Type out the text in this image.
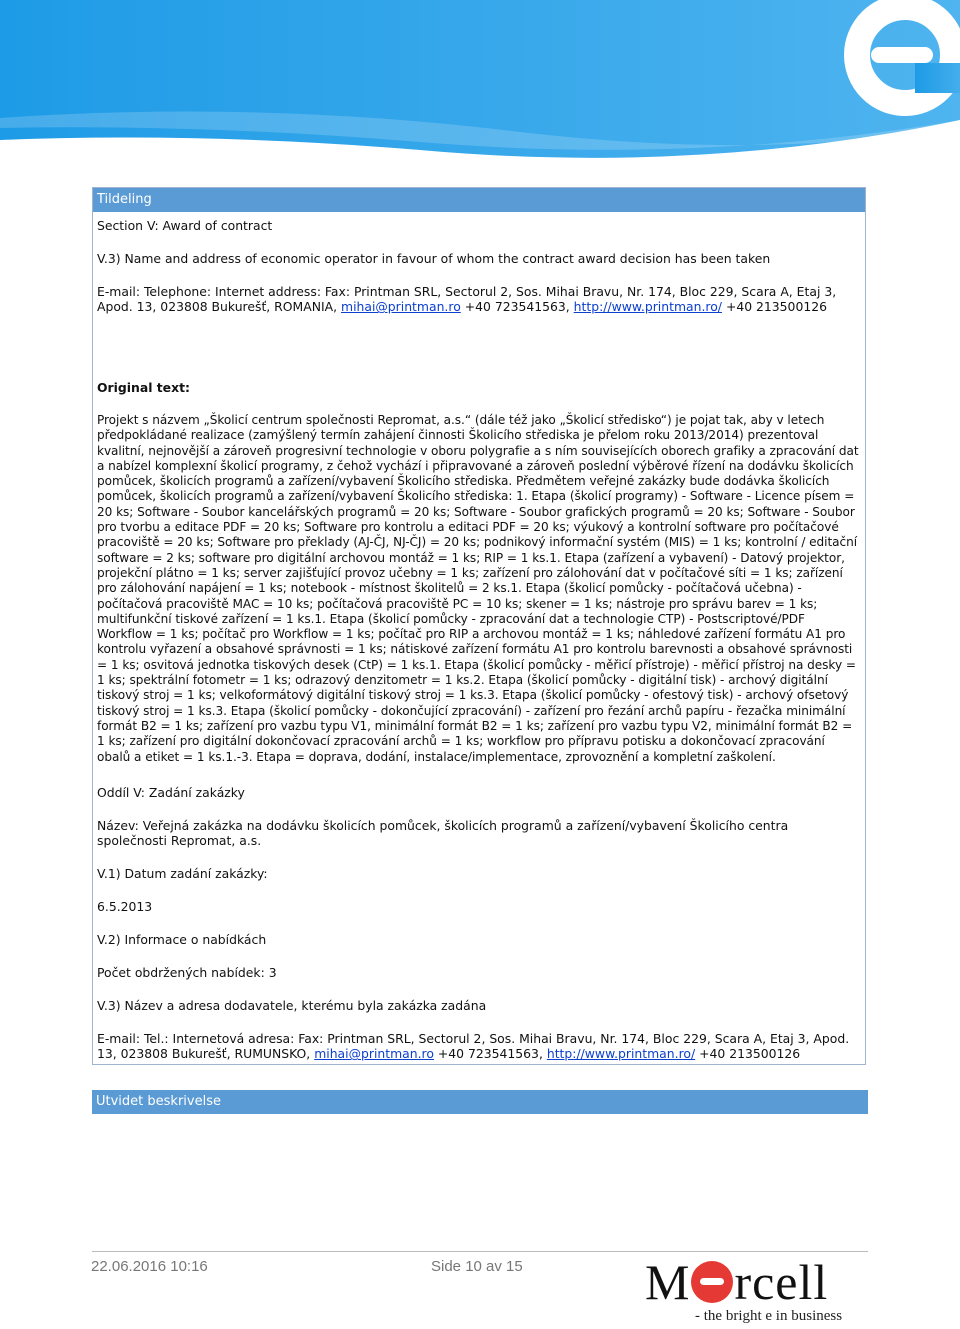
Tildeling

Section V: Award of contract

V.3) Name and address of economic operator in favour of whom the contract award decision has been taken

E-mail: Telephone: Internet address: Fax: Printman SRL, Sectorul 2, Sos. Mihai Bravu, Nr. 174, Bloc 229, Scara A, Etaj 3, Apod. 13, 023808 Bukurešť, ROMANIA, mihai@printman.ro +40 723541563, http://www.printman.ro/ +40 213500126

Original text:

Projekt s názvem „Školicí centrum společnosti Repromat, a.s.“ (dále též jako „Školicí středisko“) je pojat tak, aby v letech předpokládané realizace (zamýšlený termín zahájení činnosti Školicího střediska je přelom roku 2013/2014) prezentoval kvalitní, nejnovější a zároveň progresivní technologie v oboru polygrafie a s ním souvisejících oborech grafiky a zpracování dat a nabízel komplexní školicí programy, z čehož vychází i připravované a zároveň poslední výběrové řízení na dodávku školicích pomůcek, školicích programů a zařízení/vybavení Školicího střediska. Předmětem veřejné zakázky bude dodávka školicích pomůcek, školicích programů a zařízení/vybavení Školicího střediska: 1. Etapa (školicí programy) - Software - Licence písem = 20 ks; Software - Soubor kancelářských programů = 20 ks; Software - Soubor grafických programů = 20 ks; Software - Soubor pro tvorbu a editace PDF = 20 ks; Software pro kontrolu a editaci PDF = 20 ks; výukový a kontrolní software pro počítačové pracoviště = 20 ks; Software pro překlady (AJ-ČJ, NJ-ČJ) = 20 ks; podnikový informační systém (MIS) = 1 ks; kontrolní / editační software = 2 ks; software pro digitální archovou montáž = 1 ks; RIP = 1 ks.1. Etapa (zařízení a vybavení) - Datový projektor, projekční plátno = 1 ks; server zajišťující provoz učebny = 1 ks; zařízení pro zálohování dat v počítačové síti = 1 ks; zařízení pro zálohování napájení = 1 ks; notebook - místnost školitelů = 2 ks.1. Etapa (školicí pomůcky - počítačová učebna) - počítačová pracoviště MAC = 10 ks; počítačová pracoviště PC = 10 ks; skener = 1 ks; nástroje pro správu barev = 1 ks; multifunkční tiskové zařízení = 1 ks.1. Etapa (školicí pomůcky - zpracování dat a technologie CTP) - Postscriptové/PDF Workflow = 1 ks; počítač pro Workflow = 1 ks; počítač pro RIP a archovou montáž = 1 ks; náhledové zařízení formátu A1 pro kontrolu vyřazení a obsahové správnosti = 1 ks; nátiskové zařízení formátu A1 pro kontrolu barevnosti a obsahové správnosti = 1 ks; osvitová jednotka tiskových desek (CtP) = 1 ks.1. Etapa (školicí pomůcky - měřicí přístroje) - měřicí přístroj na desky = 1 ks; spektrální fotometr = 1 ks; odrazový denzitometr = 1 ks.2. Etapa (školicí pomůcky - digitální tisk) - archový digitální tiskový stroj = 1 ks; velkoformátový digitální tiskový stroj = 1 ks.3. Etapa (školicí pomůcky - ofestový tisk) - archový ofsetový tiskový stroj = 1 ks.3. Etapa (školicí pomůcky - dokončující zpracování) - zařízení pro řezání archů papíru - řezačka minimální formát B2 = 1 ks; zařízení pro vazbu typu V1, minimální formát B2 = 1 ks; zařízení pro vazbu typu V2, minimální formát B2 = 1 ks; zařízení pro digitální dokončovací zpracování archů = 1 ks; workflow pro přípravu potisku a dokončovací zpracování obalů a etiket = 1 ks.1.-3. Etapa = doprava, dodání, instalace/implementace, zprovoznění a kompletní zaškolení.

Oddíl V: Zadání zakázky

Název: Veřejná zakázka na dodávku školicích pomůcek, školicích programů a zařízení/vybavení Školicího centra společnosti Repromat, a.s.

V.1) Datum zadání zakázky:

6.5.2013

V.2) Informace o nabídkách

Počet obdržených nabídek: 3

V.3) Název a adresa dodavatele, kterému byla zakázka zadána

E-mail: Tel.: Internetová adresa: Fax: Printman SRL, Sectorul 2, Sos. Mihai Bravu, Nr. 174, Bloc 229, Scara A, Etaj 3, Apod. 13, 023808 Bukurešť, RUMUNSKO, mihai@printman.ro +40 723541563, http://www.printman.ro/ +40 213500126

Utvidet beskrivelse
22.06.2016 10:16	Side 10 av 15 M rcell
- the bright e in business
